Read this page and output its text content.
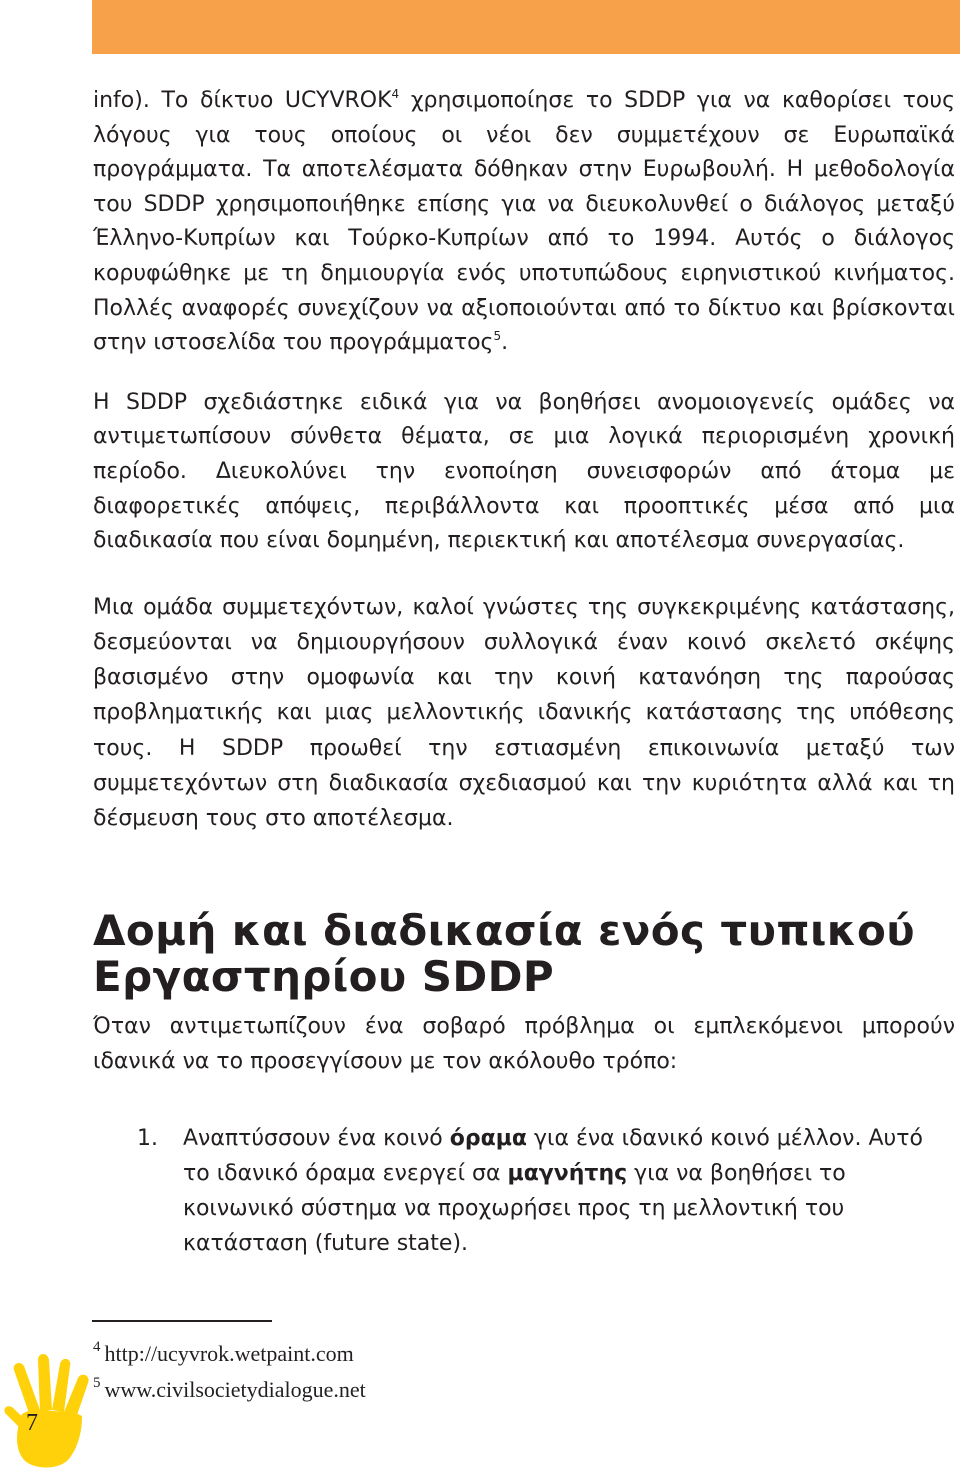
info). Το δίκτυο UCYVROK$^4$ χρησιμοποίησε το SDDP για να καθορίσει τους λόγους για τους οποίους οι νέοι δεν συμμετέχουν σε Ευρωπαϊκά προγράμματα. Τα αποτελέσματα δόθηκαν στην Ευρωβουλή. Η μεθοδολογία του SDDP χρησιμοποιήθηκε επίσης για να διευκολυνθεί ο διάλογος μεταξύ Έλληνο-Κυπρίων και Τούρκο-Κυπρίων από το 1994. Αυτός ο διάλογος κορυφώθηκε με τη δημιουργία ενός υποτυπώδους ειρηνιστικού κινήματος. Πολλές αναφορές συνεχίζουν να αξιοποιούνται από το δίκτυο και βρίσκονται στην ιστοσελίδα του προγράμματος$^5$.

Η SDDP σχεδιάστηκε ειδικά για να βοηθήσει ανομοιογενείς ομάδες να αντιμετωπίσουν σύνθετα θέματα, σε μια λογικά περιορισμένη χρονική περίοδο. Διευκολύνει την ενοποίηση συνεισφορών από άτομα με διαφορετικές απόψεις, περιβάλλοντα και προοπτικές μέσα από μια διαδικασία που είναι δομημένη, περιεκτική και αποτέλεσμα συνεργασίας.

Μια ομάδα συμμετεχόντων, καλοί γνώστες της συγκεκριμένης κατάστασης, δεσμεύονται να δημιουργήσουν συλλογικά έναν κοινό σκελετό σκέψης βασισμένο στην ομοφωνία και την κοινή κατανόηση της παρούσας προβληματικής και μιας μελλοντικής ιδανικής κατάστασης της υπόθεσης τους. Η SDDP προωθεί την εστιασμένη επικοινωνία μεταξύ των συμμετεχόντων στη διαδικασία σχεδιασμού και την κυριότητα αλλά και τη δέσμευση τους στο αποτέλεσμα.

Δομή και διαδικασία ενός τυπικού
Εργαστηρίου SDDP

Όταν αντιμετωπίζουν ένα σοβαρό πρόβλημα οι εμπλεκόμενοι μπορούν ιδανικά να το προσεγγίσουν με τον ακόλουθο τρόπο:

1. Αναπτύσσουν ένα κοινό όραμα για ένα ιδανικό κοινό μέλλον. Αυτό το ιδανικό όραμα ενεργεί σα μαγνήτης για να βοηθήσει το κοινωνικό σύστημα να προχωρήσει προς τη μελλοντική του κατάσταση (future state).
$^4$ http://ucyvrok.wetpaint.com
$^5$ www.civilsocietydialogue.net
7
